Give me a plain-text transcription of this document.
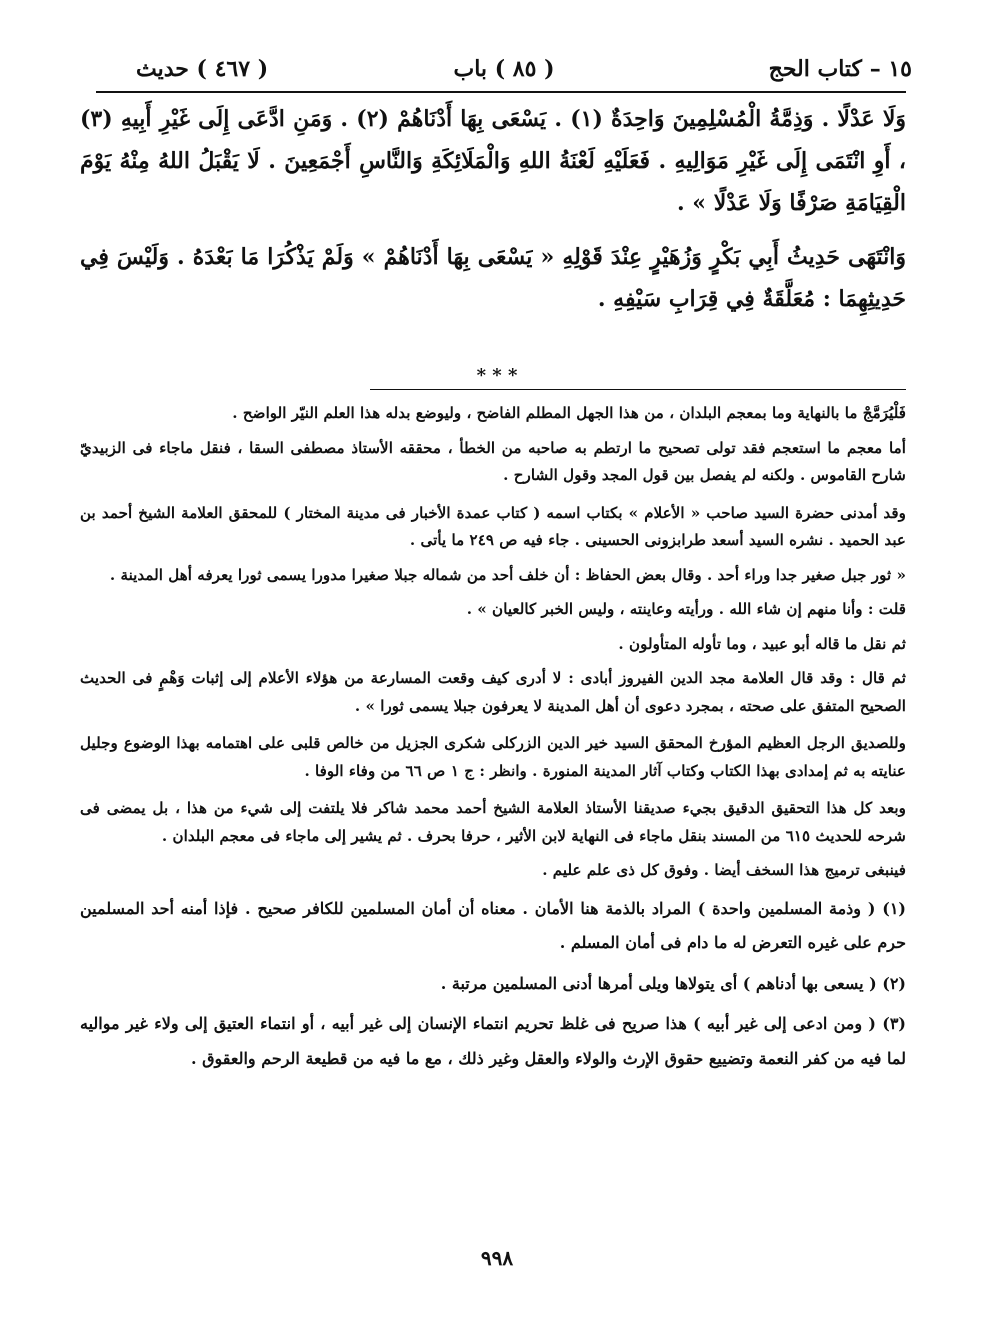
١٥ – كتاب الحج
( ٨٥ ) باب
( ٤٦٧ ) حديث

وَلَا عَدْلًا . وَذِمَّةُ الْمُسْلِمِينَ وَاحِدَةٌ (١) . يَسْعَى بِهَا أَدْنَاهُمْ (٢) . وَمَنِ ادَّعَى إِلَى غَيْرِ أَبِيهِ (٣) ، أَوِ انْتَمَى إِلَى غَيْرِ مَوَالِيهِ . فَعَلَيْهِ لَعْنَةُ اللهِ وَالْمَلَائِكَةِ وَالنَّاسِ أَجْمَعِينَ . لَا يَقْبَلُ اللهُ مِنْهُ يَوْمَ الْقِيَامَةِ صَرْفًا وَلَا عَدْلًا » .

وَانْتَهَى حَدِيثُ أَبِي بَكْرٍ وَزُهَيْرٍ عِنْدَ قَوْلِهِ « يَسْعَى بِهَا أَدْنَاهُمْ » وَلَمْ يَذْكُرَا مَا بَعْدَهُ . وَلَيْسَ فِي حَدِيثِهِمَا : مُعَلَّقَةٌ فِي قِرَابِ سَيْفِهِ .

* * *

فَلْيُرَمَّجْ ما بالنهاية وما بمعجم البلدان ، من هذا الجهل المطلم الفاضح ، وليوضع بدله هذا العلم النيّر الواضح .

أما معجم ما استعجم فقد تولى تصحيح ما ارتطم به صاحبه من الخطأ ، محققه الأستاذ مصطفى السقا ، فنقل ماجاء فى الزبيديّ شارح القاموس . ولكنه لم يفصل بين قول المجد وقول الشارح .

وقد أمدنى حضرة السيد صاحب « الأعلام » بكتاب اسمه ( كتاب عمدة الأخبار فى مدينة المختار ) للمحقق العلامة الشيخ أحمد بن عبد الحميد . نشره السيد أسعد طرابزونى الحسينى . جاء فيه ص ٢٤٩ ما يأتى .

« ثور جبل صغير جدا وراء أحد . وقال بعض الحفاظ : أن خلف أحد من شماله جبلا صغيرا مدورا يسمى ثورا يعرفه أهل المدينة .

قلت : وأنا منهم إن شاء الله . ورأيته وعاينته ، وليس الخبر كالعيان » .

ثم نقل ما قاله أبو عبيد ، وما تأوله المتأولون .

ثم قال : وقد قال العلامة مجد الدين الفيروز أبادى : لا أدرى كيف وقعت المسارعة من هؤلاء الأعلام إلى إثبات وَهْمٍ فى الحديث الصحيح المتفق على صحته ، بمجرد دعوى أن أهل المدينة لا يعرفون جبلا يسمى ثورا » .

وللصديق الرجل العظيم المؤرخ المحقق السيد خير الدين الزركلى شكرى الجزيل من خالص قلبى على اهتمامه بهذا الوضوع وجليل عنايته به ثم إمدادى بهذا الكتاب وكتاب آثار المدينة المنورة . وانظر : ج ١ ص ٦٦ من وفاء الوفا .

وبعد كل هذا التحقيق الدقيق بجيء صديقنا الأستاذ العلامة الشيخ أحمد محمد شاكر فلا يلتفت إلى شيء من هذا ، بل يمضى فى شرحه للحديث ٦١٥ من المسند بنقل ماجاء فى النهاية لابن الأثير ، حرفا بحرف . ثم يشير إلى ماجاء فى معجم البلدان .

فينبغى ترميج هذا السخف أيضا . وفوق كل ذى علم عليم .

(١) ( وذمة المسلمين واحدة ) المراد بالذمة هنا الأمان . معناه أن أمان المسلمين للكافر صحيح . فإذا أمنه أحد المسلمين حرم على غيره التعرض له ما دام فى أمان المسلم .

(٢) ( يسعى بها أدناهم ) أى يتولاها ويلى أمرها أدنى المسلمين مرتبة .

(٣) ( ومن ادعى إلى غير أبيه ) هذا صريح فى غلظ تحريم انتماء الإنسان إلى غير أبيه ، أو انتماء العتيق إلى ولاء غير مواليه لما فيه من كفر النعمة وتضييع حقوق الإرث والولاء والعقل وغير ذلك ، مع ما فيه من قطيعة الرحم والعقوق .

٩٩٨
